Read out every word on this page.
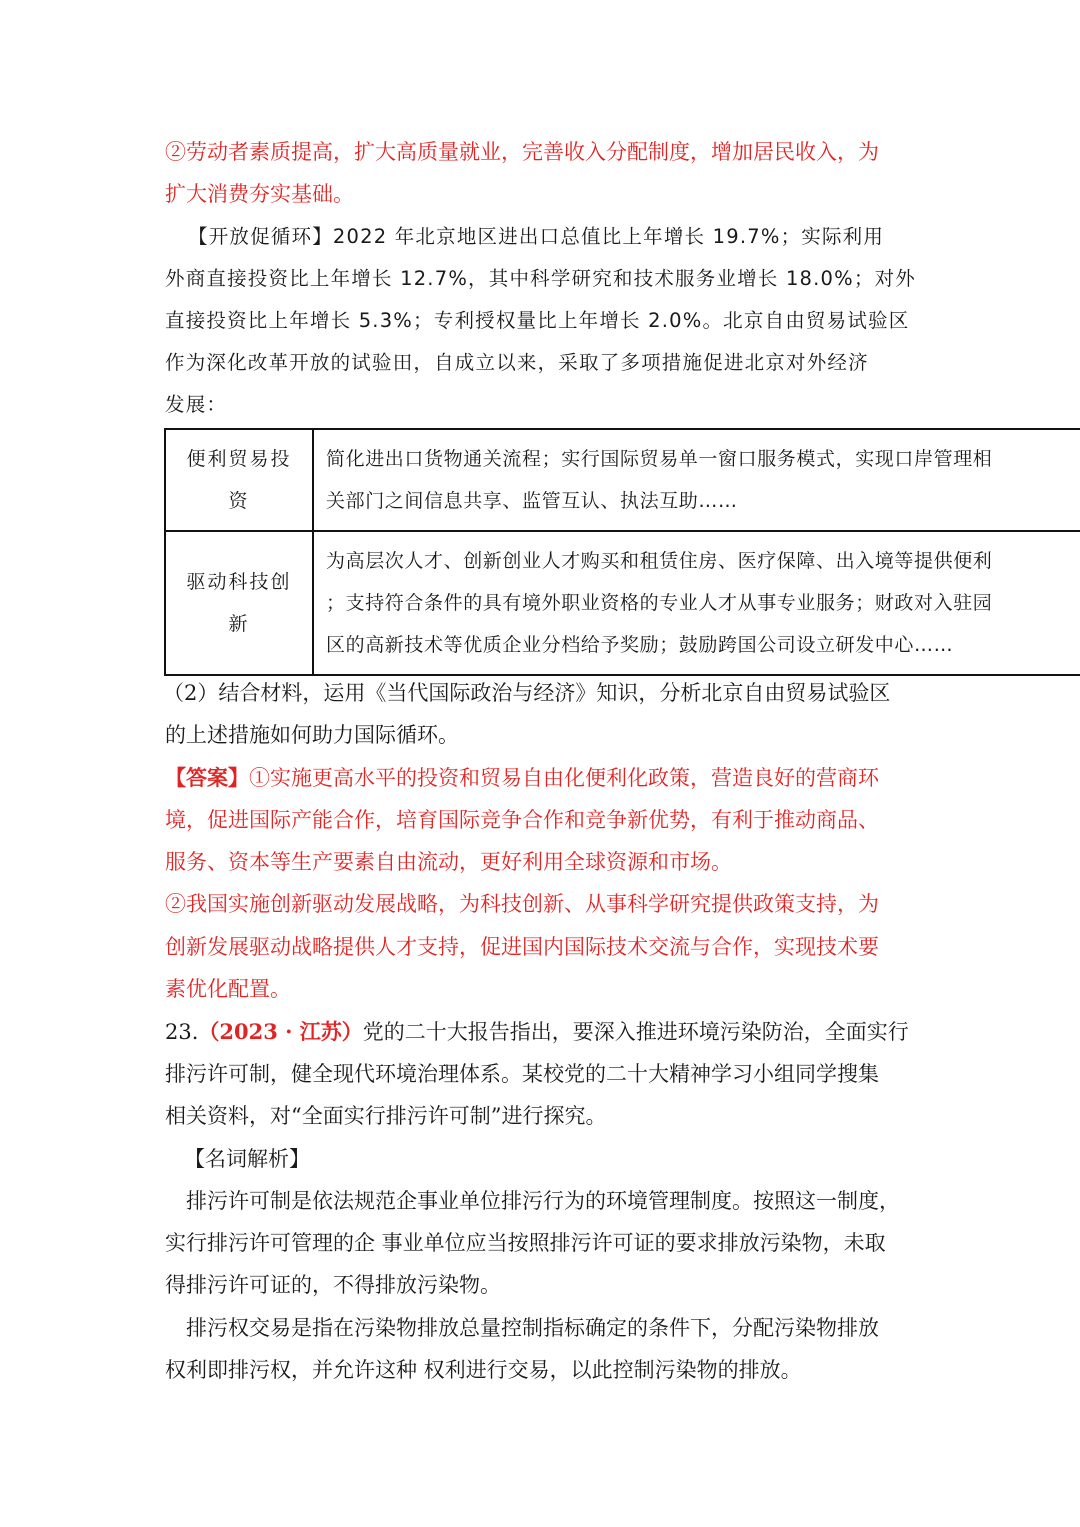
②劳动者素质提高，扩大高质量就业，完善收入分配制度，增加居民收入，为
扩大消费夯实基础。
【开放促循环】2022 年北京地区进出口总值比上年增长 19.7%；实际利用
外商直接投资比上年增长 12.7%，其中科学研究和技术服务业增长 18.0%；对外
直接投资比上年增长 5.3%；专利授权量比上年增长 2.0%。北京自由贸易试验区
作为深化改革开放的试验田，自成立以来，采取了多项措施促进北京对外经济
发展：
便利贸易投
资	简化进出口货物通关流程；实行国际贸易单一窗口服务模式，实现口岸管理相
关部门之间信息共享、监管互认、执法互助……

驱动科技创
新	为高层次人才、创新创业人才购买和租赁住房、医疗保障、出入境等提供便利
；支持符合条件的具有境外职业资格的专业人才从事专业服务；财政对入驻园
区的高新技术等优质企业分档给予奖励；鼓励跨国公司设立研发中心……
（2）结合材料，运用《当代国际政治与经济》知识，分析北京自由贸易试验区
的上述措施如何助力国际循环。
【答案】①实施更高水平的投资和贸易自由化便利化政策，营造良好的营商环
境，促进国际产能合作，培育国际竞争合作和竞争新优势，有利于推动商品、
服务、资本等生产要素自由流动，更好利用全球资源和市场。
②我国实施创新驱动发展战略，为科技创新、从事科学研究提供政策支持，为
创新发展驱动战略提供人才支持，促进国内国际技术交流与合作，实现技术要
素优化配置。
23.（2023 · 江苏）党的二十大报告指出，要深入推进环境污染防治，全面实行
排污许可制，健全现代环境治理体系。某校党的二十大精神学习小组同学搜集
相关资料，对“全面实行排污许可制”进行探究。
【名词解析】
排污许可制是依法规范企事业单位排污行为的环境管理制度。按照这一制度，
实行排污许可管理的企 事业单位应当按照排污许可证的要求排放污染物，未取
得排污许可证的，不得排放污染物。
排污权交易是指在污染物排放总量控制指标确定的条件下，分配污染物排放
权利即排污权，并允许这种 权利进行交易，以此控制污染物的排放。
